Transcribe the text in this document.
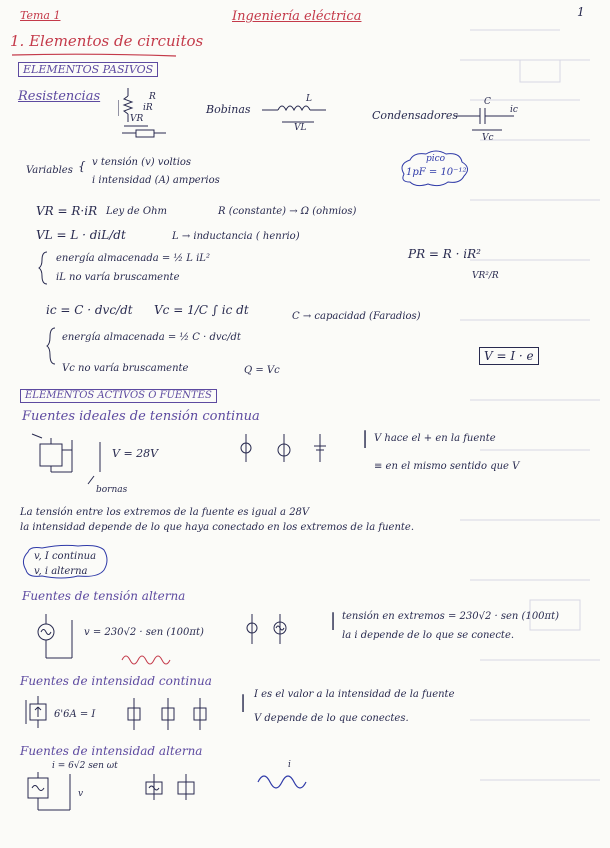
Tema 1	Ingeniería eléctrica	1
1. Elementos de circuitos
ELEMENTOS PASIVOS
Resistencias
iR
VR
R
Bobinas
L
VL
Condensadores
C
ic
Vc
Variables { v tensión (v) voltios
i intensidad (A) amperios
pico
1pF = 10⁻¹²
VR = R·iR Ley de Ohm	R (constante) → Ω (ohmios)
VL = L · diL/dt	L → inductancia ( henrio)
energía almacenada = ½ L iL²
iL no varía bruscamente
PR = R · iR²
VR²/R
ic = C · dvc/dt Vc = 1/C ∫ ic dt	C → capacidad (Faradios)
energía almacenada = ½ C · dvc/dt
Vc no varía bruscamente	Q = Vc
V = I · e
ELEMENTOS ACTIVOS O FUENTES
Fuentes ideales de tensión continua
V = 28V
bornas
| V hace el + en la fuente
≡ en el mismo sentido que V
La tensión entre los extremos de la fuente es igual a 28V
la intensidad depende de lo que haya conectado en los extremos de la fuente.
v, I continua
v, i alterna
Fuentes de tensión alterna
v = 230√2 · sen (100πt)
| tensión en extremos = 230√2 · sen (100πt)
la i depende de lo que se conecte.
Fuentes de intensidad continua
6'6A = I
| I es el valor a la intensidad de la fuente
V depende de lo que conectes.
Fuentes de intensidad alterna
i = 6√2 sen ωt
v
i
